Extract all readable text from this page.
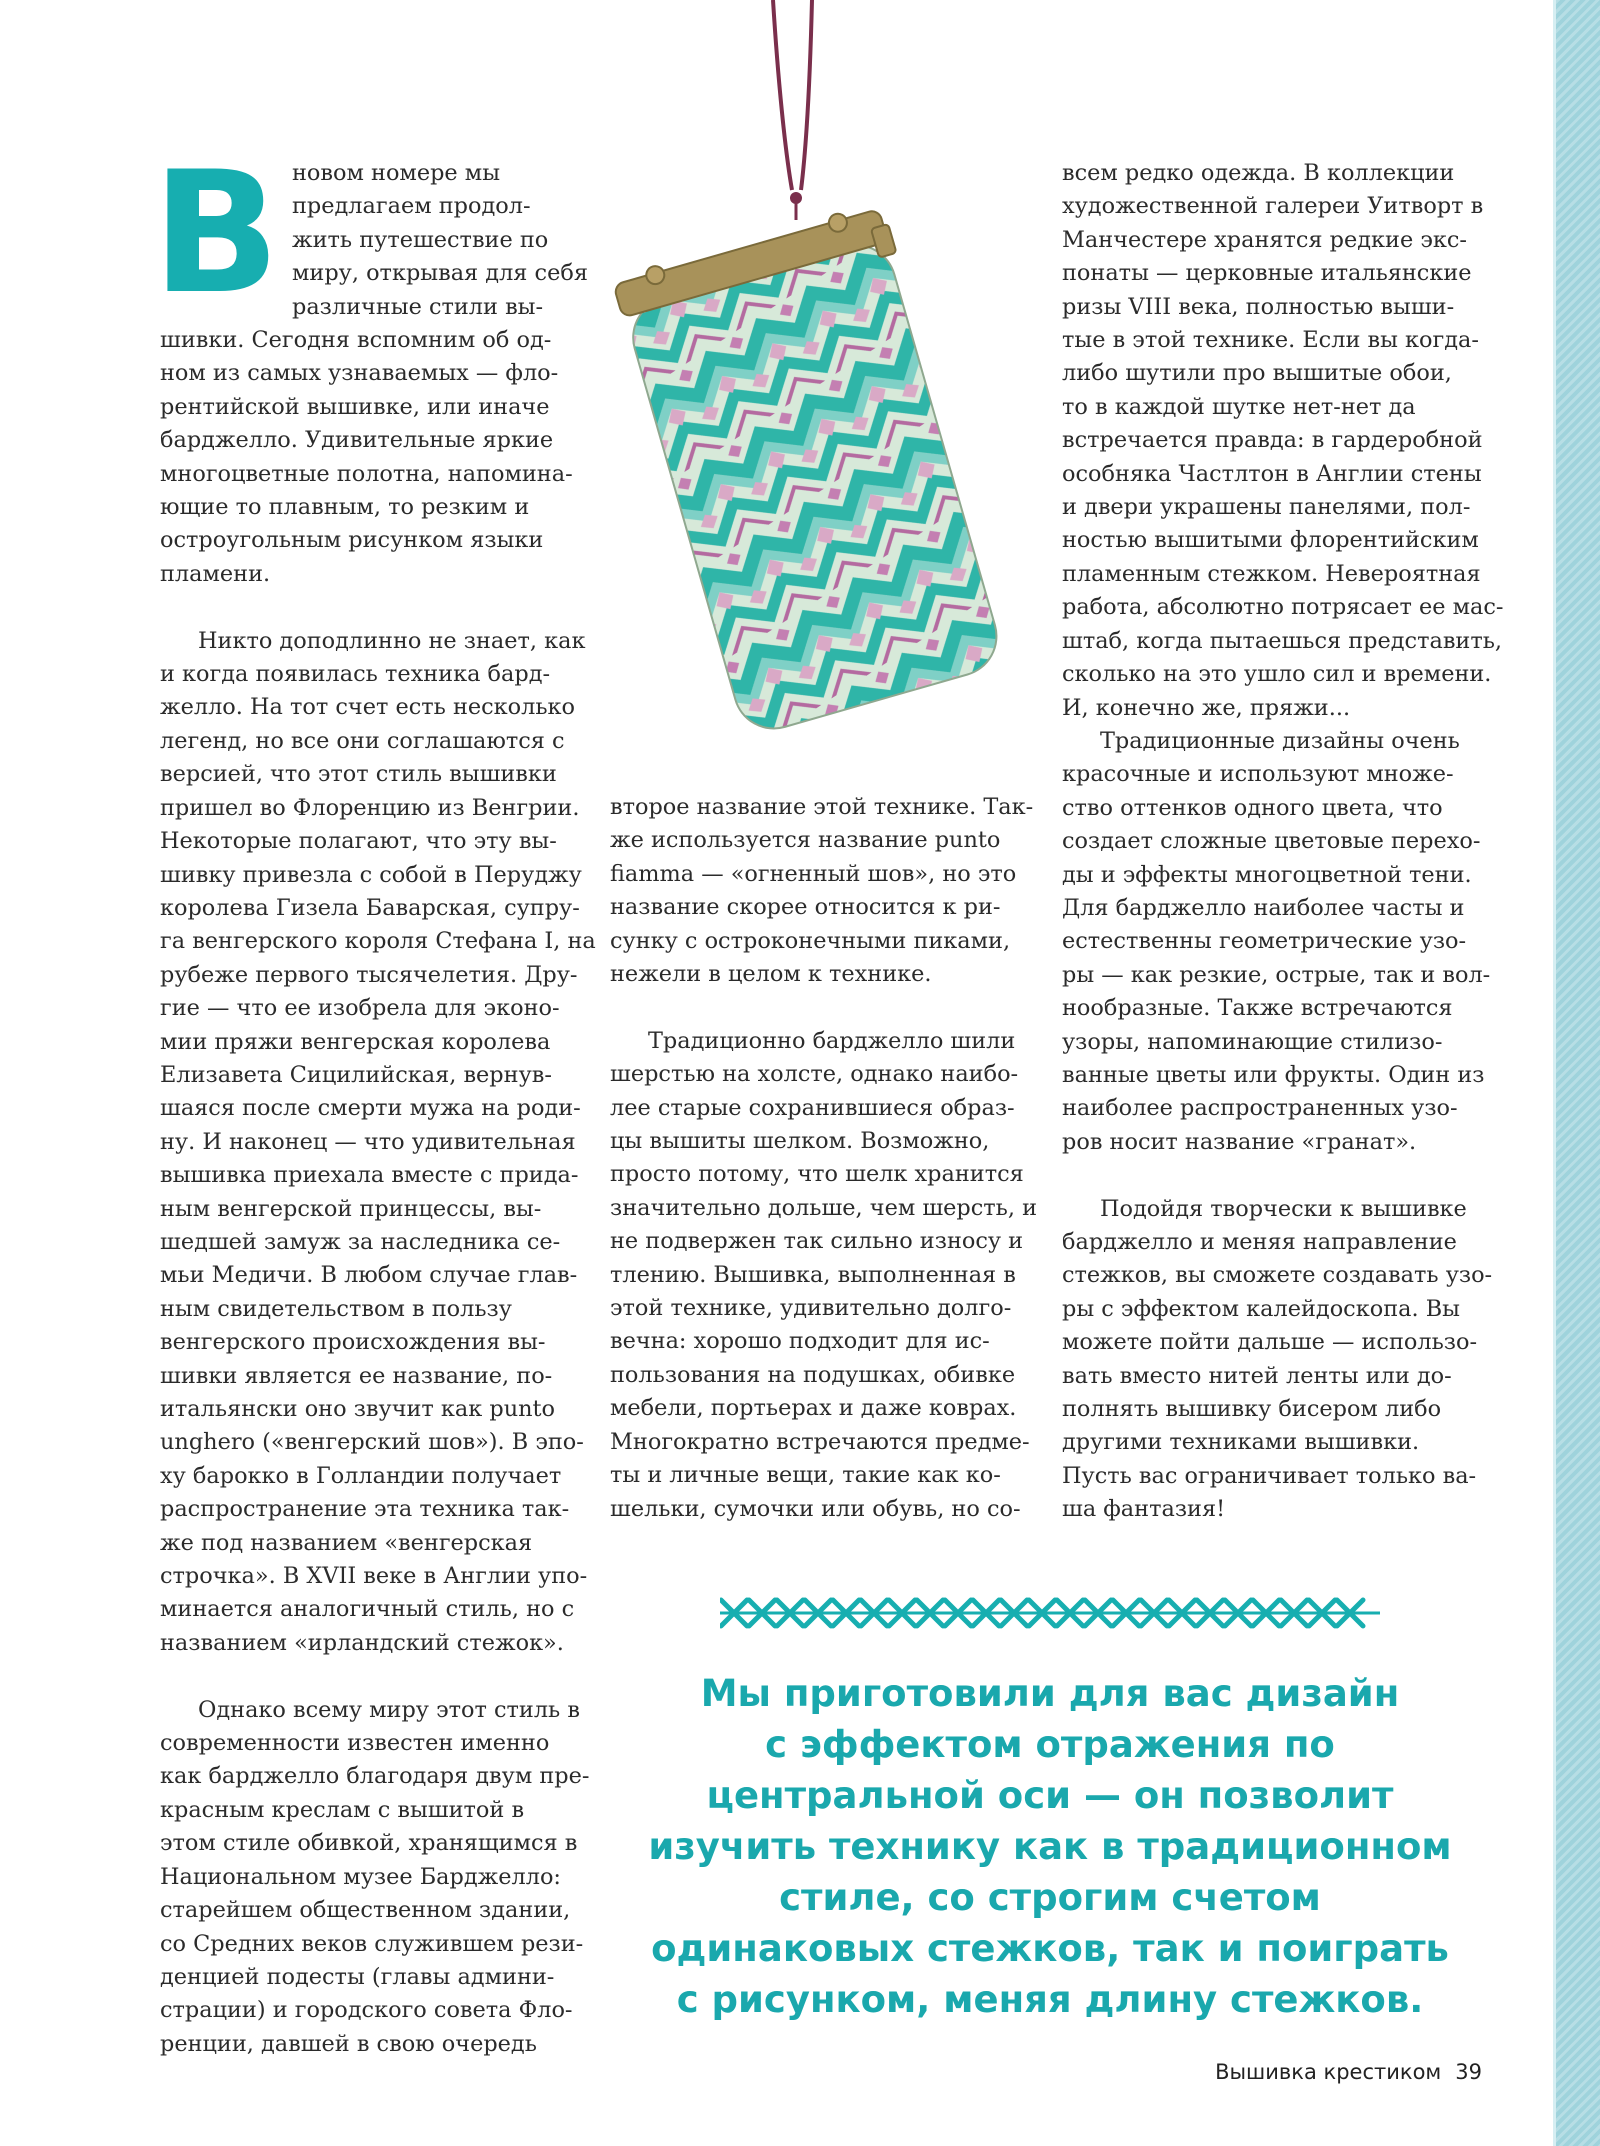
В новом номере мы

предлагаем продол-

жить путешествие по

миру, открывая для себя

различные стили вы-

шивки. Сегодня вспомним об од-

ном из самых узнаваемых — фло-

рентийской вышивке, или иначе

барджелло. Удивительные яркие

многоцветные полотна, напомина-

ющие то плавным, то резким и

остроугольным рисунком языки

пламени.

Никто доподлинно не знает, как

и когда появилась техника бард-

желло. На тот счет есть несколько

легенд, но все они соглашаются с

версией, что этот стиль вышивки

пришел во Флоренцию из Венгрии.

Некоторые полагают, что эту вы-

шивку привезла с собой в Перуджу

королева Гизела Баварская, супру-

га венгерского короля Стефана I, на

рубеже первого тысячелетия. Дру-

гие — что ее изобрела для эконо-

мии пряжи венгерская королева

Елизавета Сицилийская, вернув-

шаяся после смерти мужа на роди-

ну. И наконец — что удивительная

вышивка приехала вместе с прида-

ным венгерской принцессы, вы-

шедшей замуж за наследника се-

мьи Медичи. В любом случае глав-

ным свидетельством в пользу

венгерского происхождения вы-

шивки является ее название, по-

итальянски оно звучит как punto

unghero («венгерский шов»). В эпо-

ху барокко в Голландии получает

распространение эта техника так-

же под названием «венгерская

строчка». В XVII веке в Англии упо-

минается аналогичный стиль, но с

названием «ирландский стежок».

Однако всему миру этот стиль в

современности известен именно

как барджелло благодаря двум пре-

красным креслам с вышитой в

этом стиле обивкой, хранящимся в

Национальном музее Барджелло:

старейшем общественном здании,

со Средних веков служившем рези-

денцией подесты (главы админи-

страции) и городского совета Фло-

ренции, давшей в свою очередь

второе название этой технике. Так-

же используется название punto

fiamma — «огненный шов», но это

название скорее относится к ри-

сунку с остроконечными пиками,

нежели в целом к технике.

Традиционно барджелло шили

шерстью на холсте, однако наибо-

лее старые сохранившиеся образ-

цы вышиты шелком. Возможно,

просто потому, что шелк хранится

значительно дольше, чем шерсть, и

не подвержен так сильно износу и

тлению. Вышивка, выполненная в

этой технике, удивительно долго-

вечна: хорошо подходит для ис-

пользования на подушках, обивке

мебели, портьерах и даже коврах.

Многократно встречаются предме-

ты и личные вещи, такие как ко-

шельки, сумочки или обувь, но со-

всем редко одежда. В коллекции

художественной галереи Уитворт в

Манчестере хранятся редкие экс-

понаты — церковные итальянские

ризы VIII века, полностью выши-

тые в этой технике. Если вы когда-

либо шутили про вышитые обои,

то в каждой шутке нет-нет да

встречается правда: в гардеробной

особняка Частлтон в Англии стены

и двери украшены панелями, пол-

ностью вышитыми флорентийским

пламенным стежком. Невероятная

работа, абсолютно потрясает ее мас-

штаб, когда пытаешься представить,

сколько на это ушло сил и времени.

И, конечно же, пряжи...

Традиционные дизайны очень

красочные и используют множе-

ство оттенков одного цвета, что

создает сложные цветовые перехо-

ды и эффекты многоцветной тени.

Для барджелло наиболее часты и

естественны геометрические узо-

ры — как резкие, острые, так и вол-

нообразные. Также встречаются

узоры, напоминающие стилизо-

ванные цветы или фрукты. Один из

наиболее распространенных узо-

ров носит название «гранат».

Подойдя творчески к вышивке

барджелло и меняя направление

стежков, вы сможете создавать узо-

ры с эффектом калейдоскопа. Вы

можете пойти дальше — использо-

вать вместо нитей ленты или до-

полнять вышивку бисером либо

другими техниками вышивки.

Пусть вас ограничивает только ва-

ша фантазия!

Мы приготовили для вас дизайн

с эффектом отражения по

центральной оси — он позволит

изучить технику как в традиционном

стиле, со строгим счетом

одинаковых стежков, так и поиграть

с рисунком, меняя длину стежков.

Вышивка крестиком 39
